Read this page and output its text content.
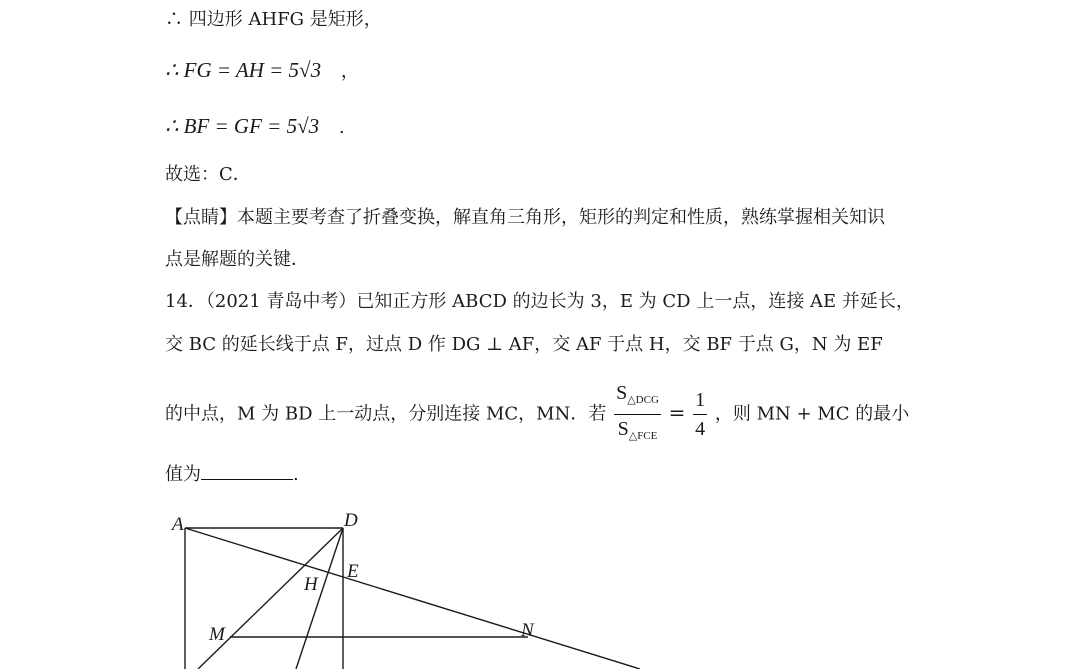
∴ 四边形 AHFG 是矩形，
∴ FG = AH = 5√3 ，
∴ BF = GF = 5√3 .
故选：C．
【点睛】本题主要考查了折叠变换，解直角三角形，矩形的判定和性质，熟练掌握相关知识
点是解题的关键．
14．（2021 青岛中考）已知正方形 ABCD 的边长为 3，E 为 CD 上一点，连接 AE 并延长，
交 BC 的延长线于点 F，过点 D 作 DG ⊥ AF，交 AF 于点 H，交 BF 于点 G，N 为 EF
的中点，M 为 BD 上一动点，分别连接 MC，MN．若 $\frac{S_{\triangle DCG}}{S_{\triangle FCE}} = \frac{1}{4}$ ，则 MN + MC 的最小
值为	.
A	D
E
H
M	N
